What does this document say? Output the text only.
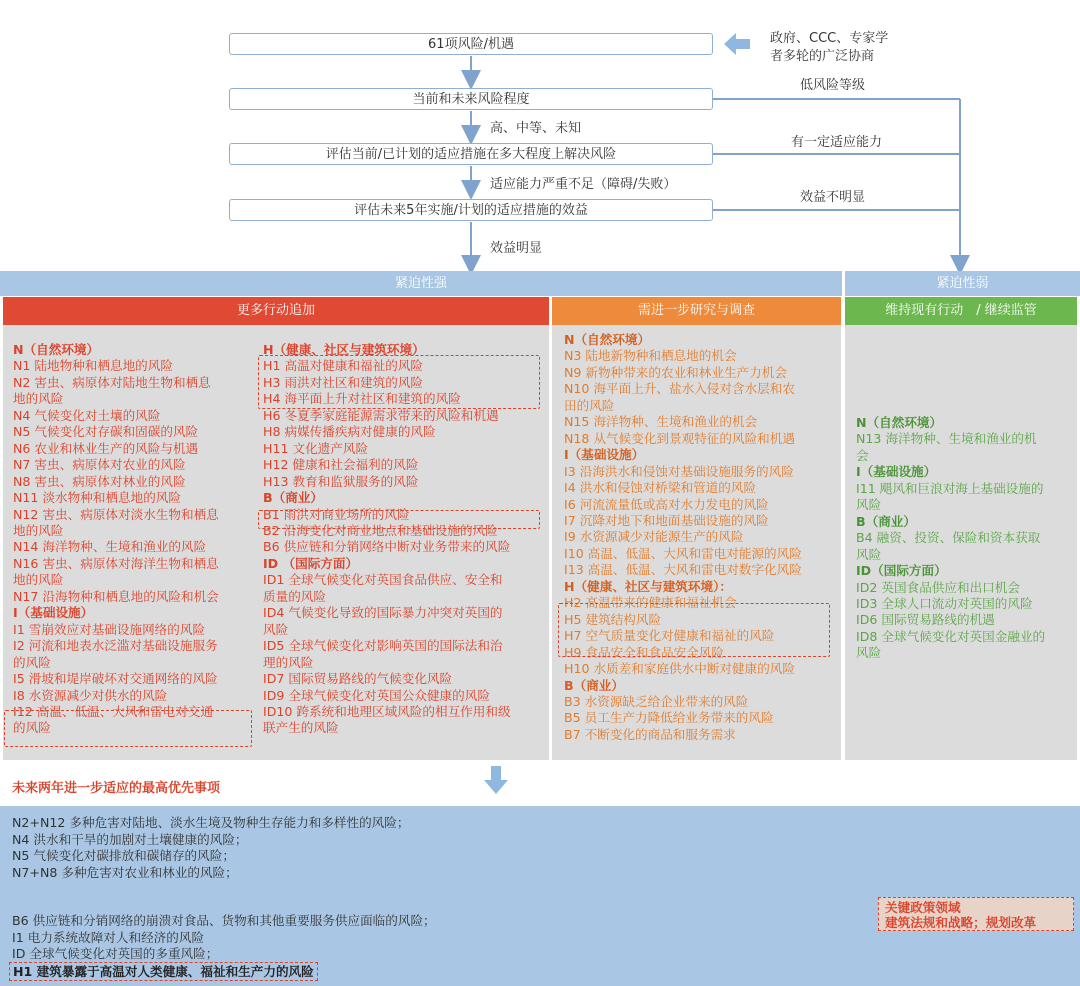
61项风险/机遇
当前和未来风险程度
评估当前/已计划的适应措施在多大程度上解决风险
评估未来5年实施/计划的适应措施的效益
政府、CCC、专家学
者多轮的广泛协商
低风险等级
高、中等、未知
有一定适应能力
适应能力严重不足（障碍/失败）
效益不明显
效益明显
紧迫性强	紧迫性弱
更多行动追加	需进一步研究与调查	维持现有行动　/ 继续监管
N（自然环境）
N1 陆地物种和栖息地的风险
N2 害虫、病原体对陆地生物和栖息
地的风险
N4 气候变化对土壤的风险
N5 气候变化对存碳和固碳的风险
N6 农业和林业生产的风险与机遇
N7 害虫、病原体对农业的风险
N8 害虫、病原体对林业的风险
N11 淡水物种和栖息地的风险
N12 害虫、病原体对淡水生物和栖息
地的风险
N14 海洋物种、生境和渔业的风险
N16 害虫、病原体对海洋生物和栖息
地的风险
N17 沿海物种和栖息地的风险和机会
I（基础设施）
I1 雪崩效应对基础设施网络的风险
I2 河流和地表水泛滥对基础设施服务
的风险
I5 滑坡和堤岸破坏对交通网络的风险
I8 水资源减少对供水的风险
I12 高温、低温、大风和雷电对交通
的风险
H（健康、社区与建筑环境）
H1 高温对健康和福祉的风险
H3 雨洪对社区和建筑的风险
H4 海平面上升对社区和建筑的风险
H6 冬夏季家庭能源需求带来的风险和机遇
H8 病媒传播疾病对健康的风险
H11 文化遗产风险
H12 健康和社会福利的风险
H13 教育和监狱服务的风险
B（商业）
B1 雨洪对商业场所的风险
B2 沿海变化对商业地点和基础设施的风险
B6 供应链和分销网络中断对业务带来的风险
ID （国际方面）
ID1 全球气候变化对英国食品供应、安全和
质量的风险
ID4 气候变化导致的国际暴力冲突对英国的
风险
ID5 全球气候变化对影响英国的国际法和治
理的风险
ID7 国际贸易路线的气候变化风险
ID9 全球气候变化对英国公众健康的风险
ID10 跨系统和地理区域风险的相互作用和级
联产生的风险
N（自然环境）
N3 陆地新物种和栖息地的机会
N9 新物种带来的农业和林业生产力机会
N10 海平面上升、盐水入侵对含水层和农
田的风险
N15 海洋物种、生境和渔业的机会
N18 从气候变化到景观特征的风险和机遇
I（基础设施）
I3 沿海洪水和侵蚀对基础设施服务的风险
I4 洪水和侵蚀对桥梁和管道的风险
I6 河流流量低或高对水力发电的风险
I7 沉降对地下和地面基础设施的风险
I9 水资源减少对能源生产的风险
I10 高温、低温、大风和雷电对能源的风险
I13 高温、低温、大风和雷电对数字化风险
H（健康、社区与建筑环境）：
H2 高温带来的健康和福祉机会
H5 建筑结构风险
H7 空气质量变化对健康和福祉的风险
H9 食品安全和食品安全风险
H10 水质差和家庭供水中断对健康的风险
B（商业）
B3 水资源缺乏给企业带来的风险
B5 员工生产力降低给业务带来的风险
B7 不断变化的商品和服务需求
N（自然环境）
N13 海洋物种、生境和渔业的机
会
I（基础设施）
I11 飓风和巨浪对海上基础设施的
风险
B（商业）
B4 融资、投资、保险和资本获取
风险
ID（国际方面）
ID2 英国食品供应和出口机会
ID3 全球人口流动对英国的风险
ID6 国际贸易路线的机遇
ID8 全球气候变化对英国金融业的
风险
未来两年进一步适应的最高优先事项
N2+N12 多种危害对陆地、淡水生境及物种生存能力和多样性的风险；
N4 洪水和干旱的加剧对土壤健康的风险；
N5 气候变化对碳排放和碳储存的风险；
N7+N8 多种危害对农业和林业的风险；
B6 供应链和分销网络的崩溃对食品、货物和其他重要服务供应面临的风险；
I1 电力系统故障对人和经济的风险
ID 全球气候变化对英国的多重风险；
H1 建筑暴露于高温对人类健康、福祉和生产力的风险
关键政策领域
建筑法规和战略；规划改革
